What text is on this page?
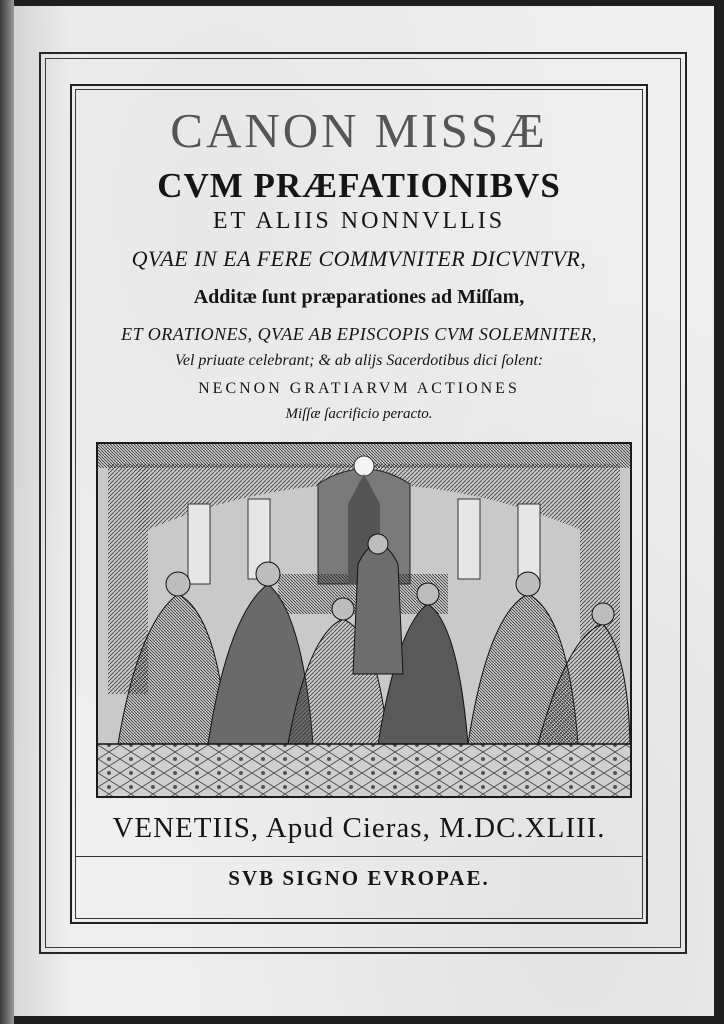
CANON MISSÆ
CVM PRÆFATIONIBVS
ET ALIIS NONNVLLIS
QVAE IN EA FERE COMMVNITER DICVNTVR,
Additæ ſunt præparationes ad Miſſam,
ET ORATIONES, QVAE AB EPISCOPIS CVM SOLEMNITER,
Vel priuate celebrant; & ab alijs Sacerdotibus dici ſolent:
NECNON GRATIARVM ACTIONES
Miſſæ ſacrificio peracto.
VENETIIS, Apud Cieras, M.DC.XLIII.
SVB SIGNO EVROPAE.
